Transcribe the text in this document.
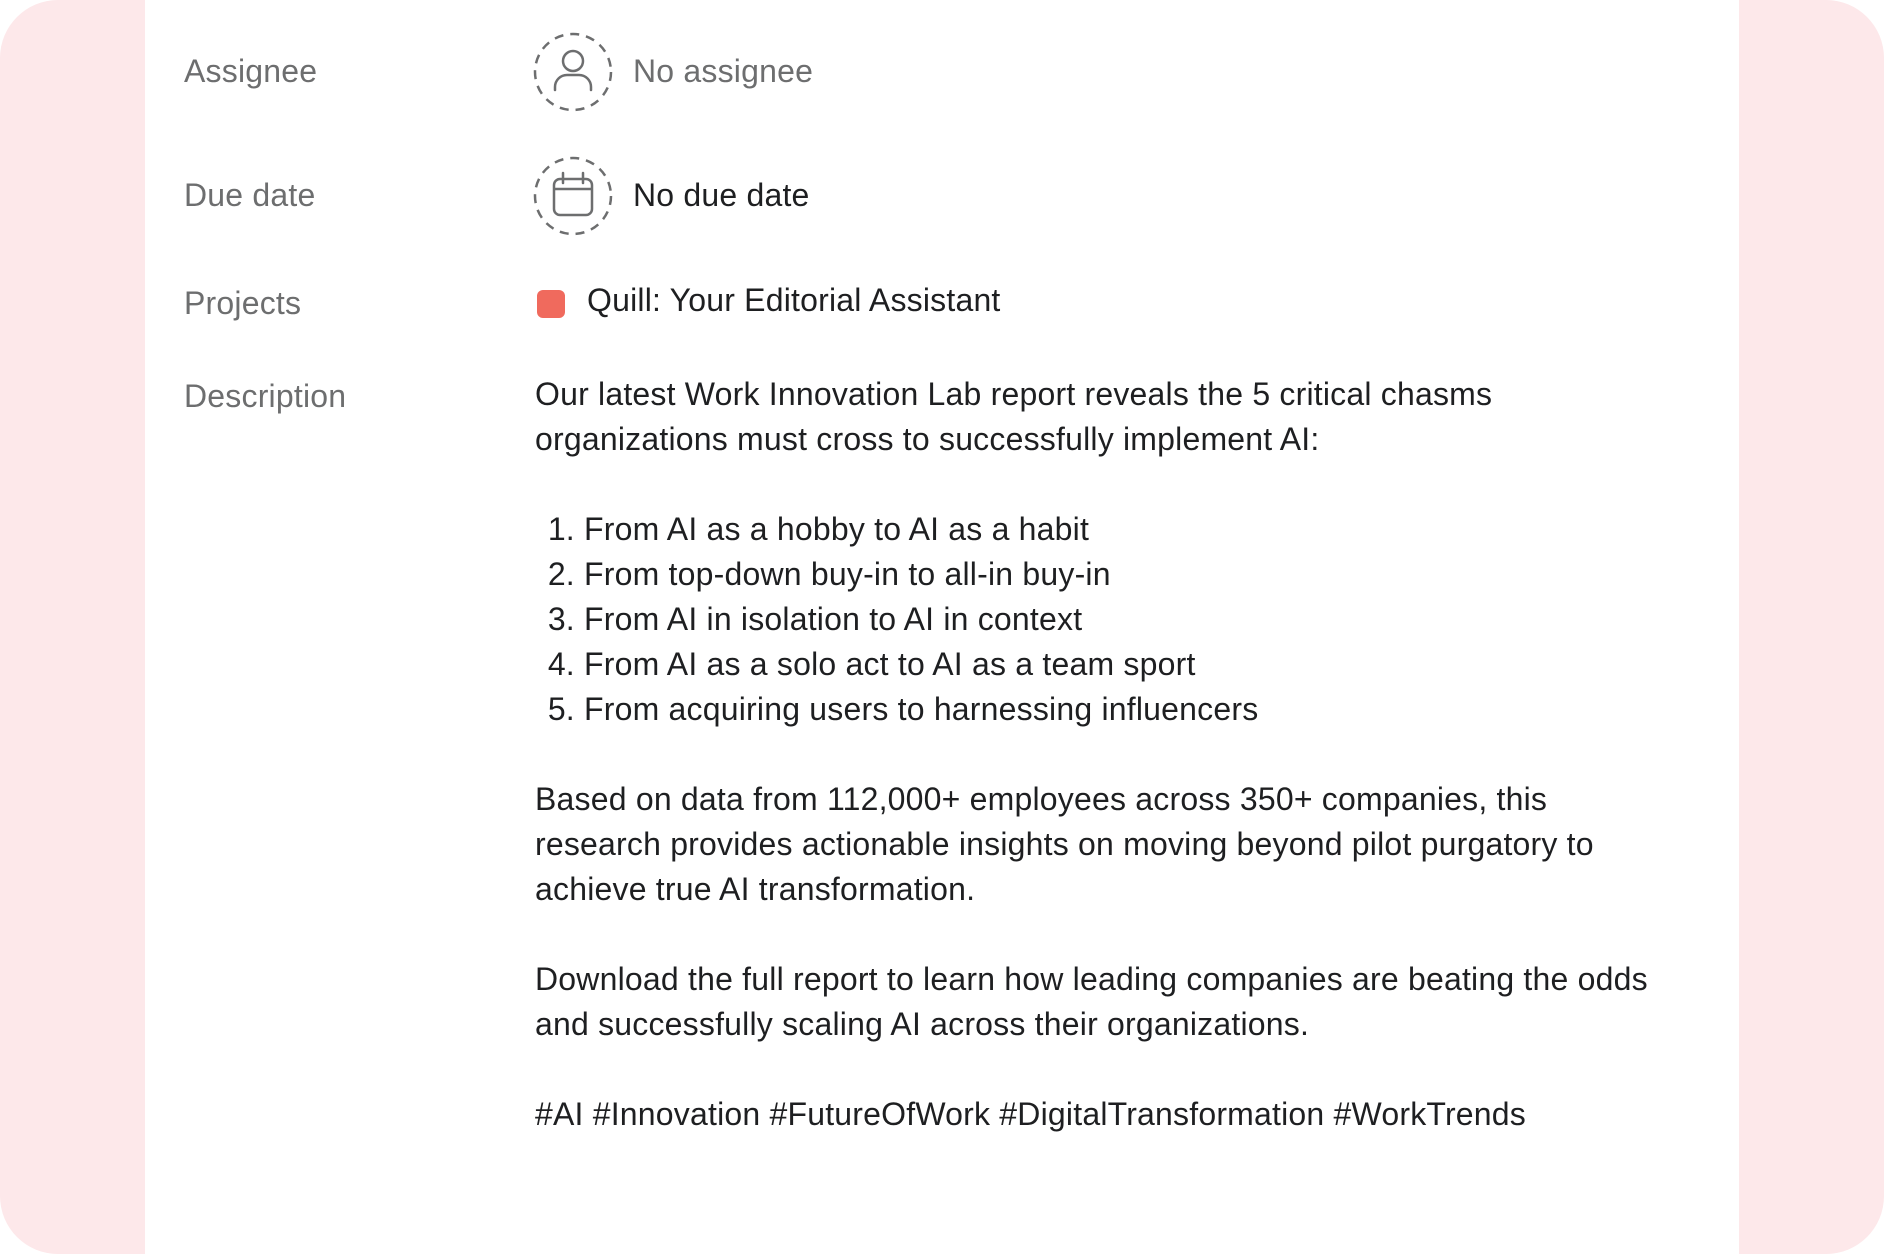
Assignee	No assignee
Due date	No due date
Projects	Quill: Your Editorial Assistant
Description	Our latest Work Innovation Lab report reveals the 5 critical chasms organizations must cross to successfully implement AI:

1. From AI as a hobby to AI as a habit
2. From top-down buy-in to all-in buy-in
3. From AI in isolation to AI in context
4. From AI as a solo act to AI as a team sport
5. From acquiring users to harnessing influencers

Based on data from 112,000+ employees across 350+ companies, this research provides actionable insights on moving beyond pilot purgatory to achieve true AI transformation.

Download the full report to learn how leading companies are beating the odds and successfully scaling AI across their organizations.

#AI #Innovation #FutureOfWork #DigitalTransformation #WorkTrends
